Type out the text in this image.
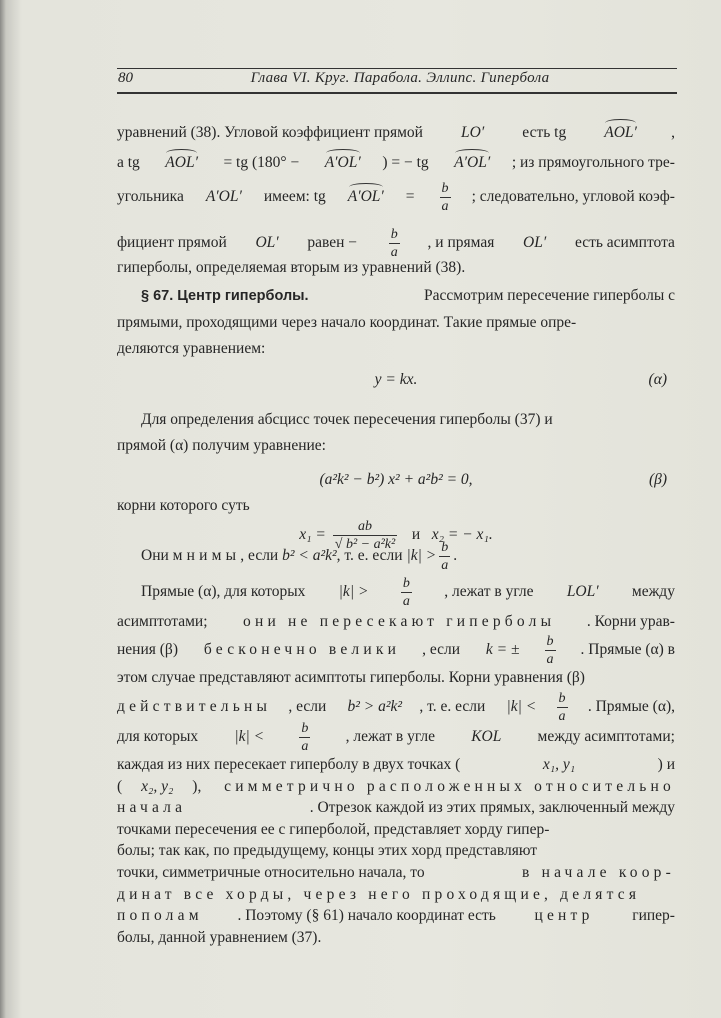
80	Глава VI. Круг. Парабола. Эллипс. Гипербола
уравнений (38). Угловой коэффициент прямой LO′ есть tg AOL′ ,
а tg AOL′ = tg (180° − A′OL′ ) = − tg A′OL′ ; из прямоугольного тре-
угольника A′OL′ имеем: tg $A'OL' = \frac{b}{a}$ ; следовательно, угловой коэф-
фициент прямой OL′ равен − $\frac{b}{a}$ , и прямая OL′ есть асимптота
гиперболы, определяемая вторым из уравнений (38).
§ 67. Центр гиперболы.	Рассмотрим пересечение гиперболы с
прямыми, проходящими через начало координат. Такие прямые опре-
деляются уравнением:
y = kx.	(α)
Для определения абсцисс точек пересечения гиперболы (37) и
прямой (α) получим уравнение:
(a²k² − b²) x² + a²b² = 0,	(β)
корни которого суть
$x_1 = \frac{ab}{\text{√ b² − a²k²}}$ и x₂ = − x₁.
Они мнимы , если b² < a²k² , т. е. если $|k| > \frac{b}{a}$ .
Прямые (α), для которых $|k| > \frac{b}{a}$ , лежат в угле LOL′ между
асимптотами; они не пересекают гиперболы . Корни урав-
нения (β) бесконечно велики , если k = ± $\frac{b}{a}$ . Прямые (α) в
этом случае представляют асимптоты гиперболы. Корни уравнения (β)
действительны , если b² > a²k² , т. е. если $|k| < \frac{b}{a}$ . Прямые (α),
для которых |k| <	$\frac{b}{a}$ , лежат в угле KOL между асимптотами;
каждая из них пересекает гиперболу в двух точках (	x₁, y₁	) и
( x₂, y₂ ), симметрично расположенных относительно
начала	. Отрезок каждой из этих прямых, заключенный между
точками пересечения ее с гиперболой, представляет хорду гипер-
болы; так как, по предыдущему, концы этих хорд представляют
точки, симметричные относительно начала, то	в начале коор-
динат все хорды, через него проходящие, делятся
пополам . Поэтому (§ 61) начало координат есть центр гипер-
болы, данной уравнением (37).
